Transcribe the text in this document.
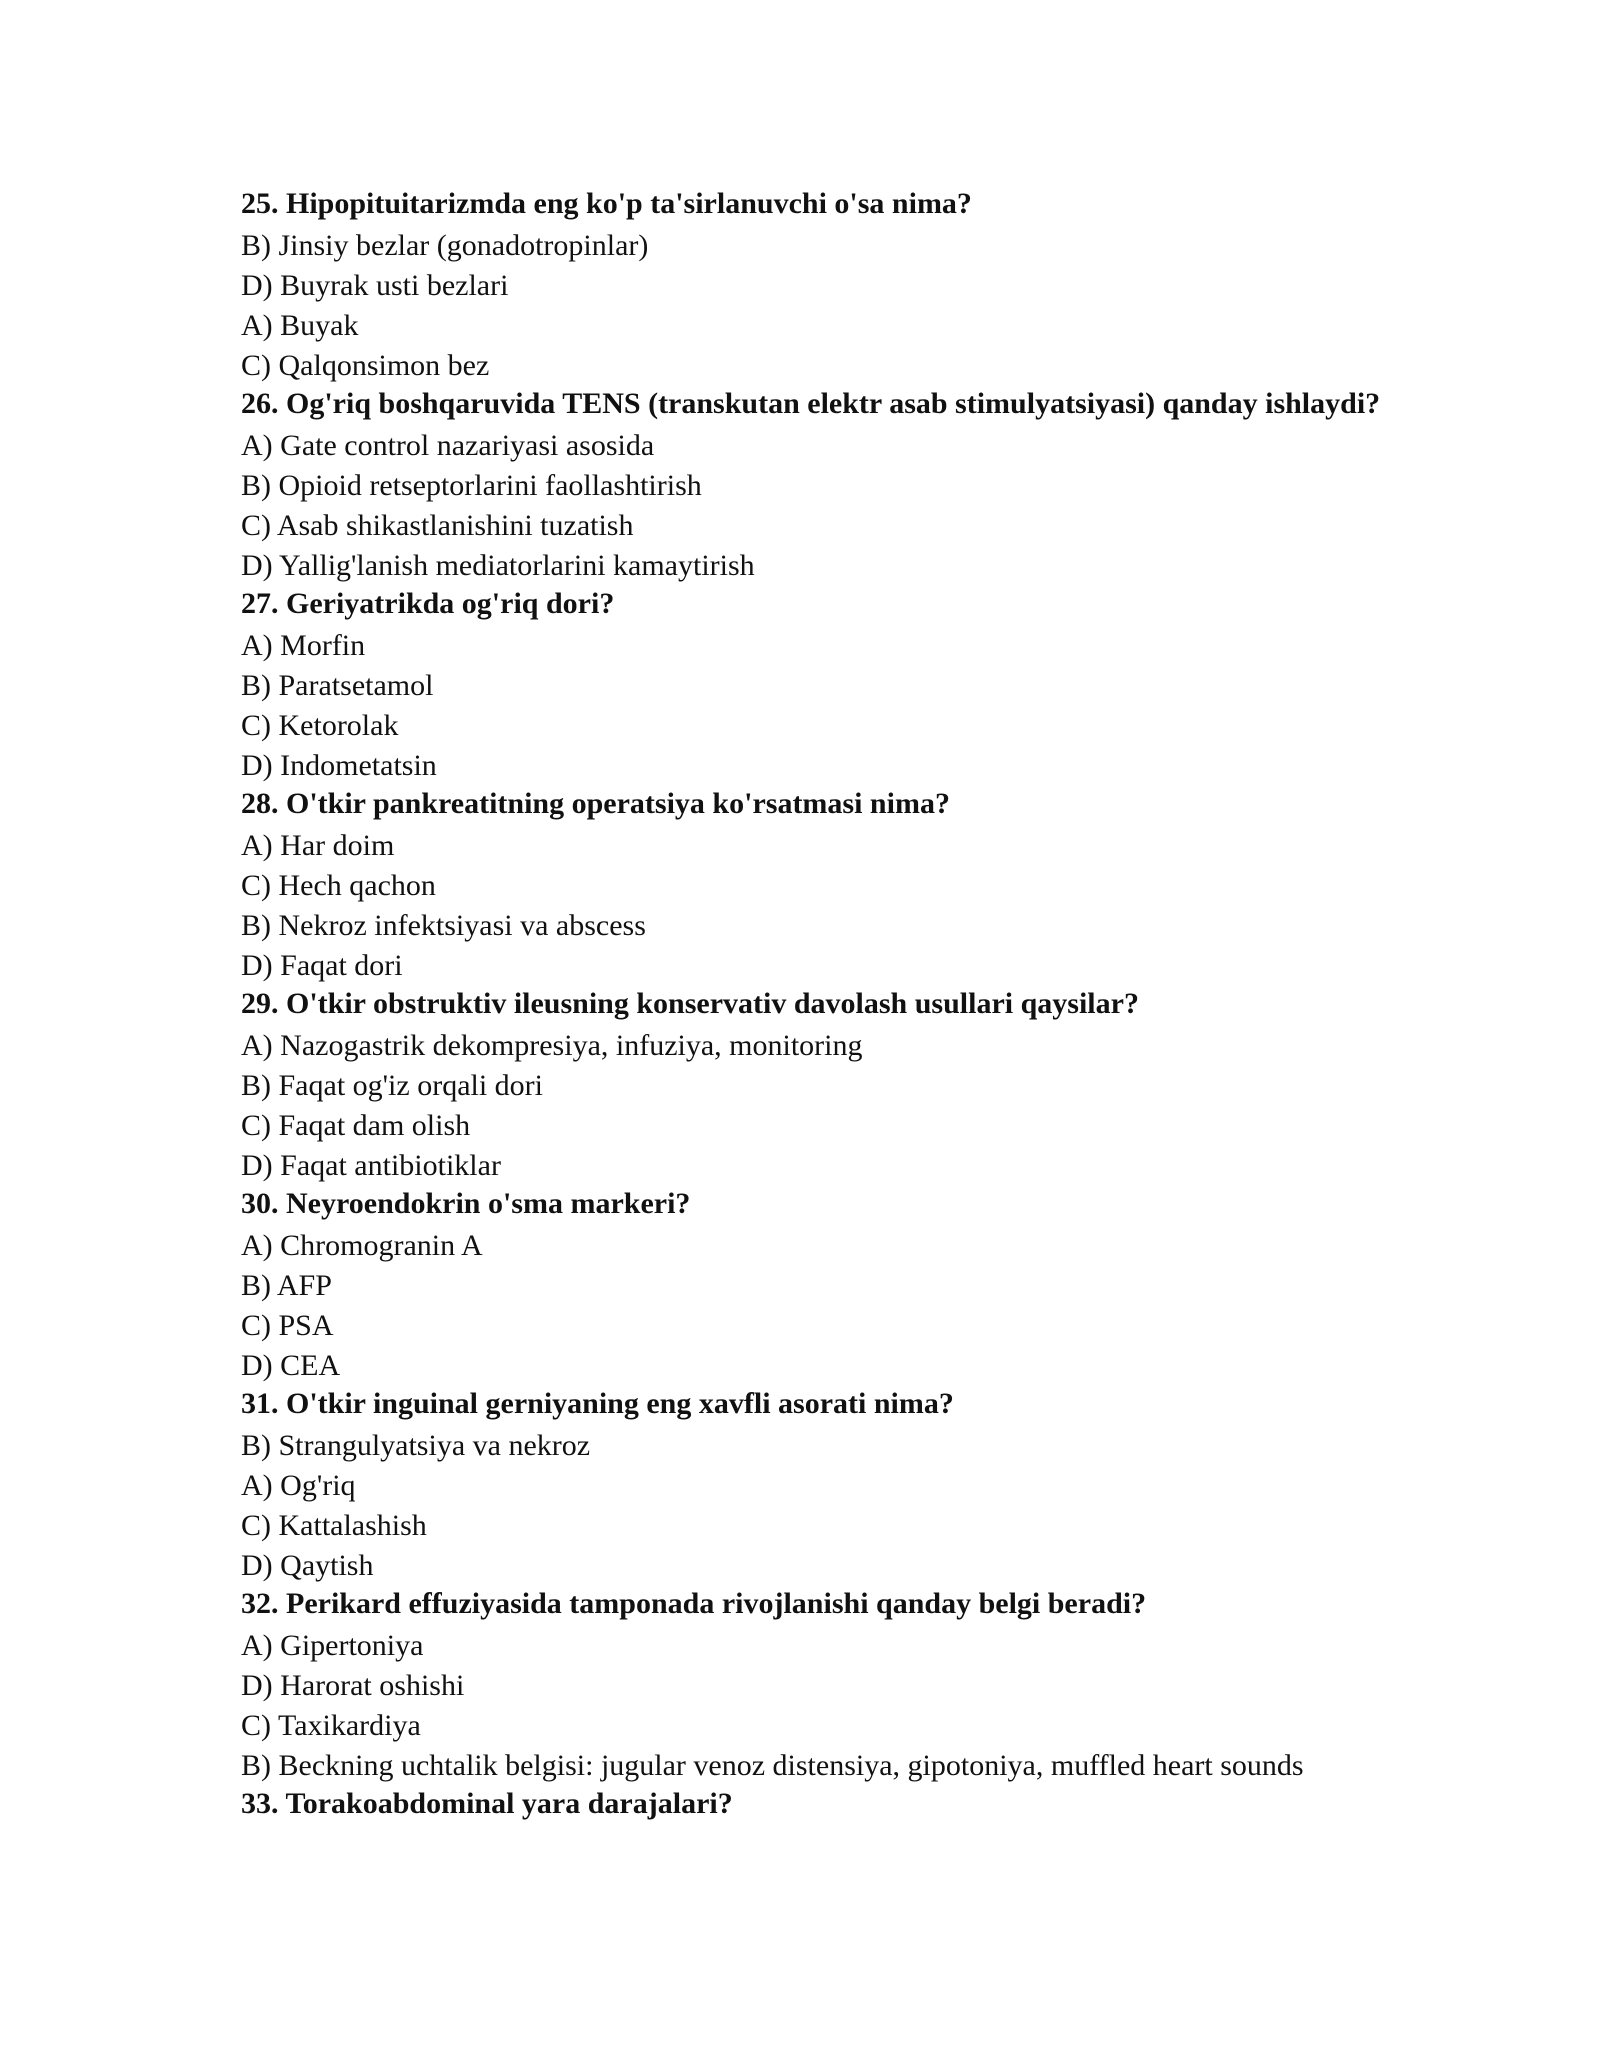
25. Hipopituitarizmda eng ko'p ta'sirlanuvchi o'sa nima?

B) Jinsiy bezlar (gonadotropinlar)

D) Buyrak usti bezlari

A) Buyak

C) Qalqonsimon bez

26. Og'riq boshqaruvida TENS (transkutan elektr asab stimulyatsiyasi) qanday ishlaydi?

A) Gate control nazariyasi asosida

B) Opioid retseptorlarini faollashtirish

C) Asab shikastlanishini tuzatish

D) Yallig'lanish mediatorlarini kamaytirish

27. Geriyatrikda og'riq dori?

A) Morfin

B) Paratsetamol

C) Ketorolak

D) Indometatsin

28. O'tkir pankreatitning operatsiya ko'rsatmasi nima?

A) Har doim

C) Hech qachon

B) Nekroz infektsiyasi va abscess

D) Faqat dori

29. O'tkir obstruktiv ileusning konservativ davolash usullari qaysilar?

A) Nazogastrik dekompresiya, infuziya, monitoring

B) Faqat og'iz orqali dori

C) Faqat dam olish

D) Faqat antibiotiklar

30. Neyroendokrin o'sma markeri?

A) Chromogranin A

B) AFP

C) PSA

D) CEA

31. O'tkir inguinal gerniyaning eng xavfli asorati nima?

B) Strangulyatsiya va nekroz

A) Og'riq

C) Kattalashish

D) Qaytish

32. Perikard effuziyasida tamponada rivojlanishi qanday belgi beradi?

A) Gipertoniya

D) Harorat oshishi

C) Taxikardiya

B) Beckning uchtalik belgisi: jugular venoz distensiya, gipotoniya, muffled heart sounds

33. Torakoabdominal yara darajalari?
